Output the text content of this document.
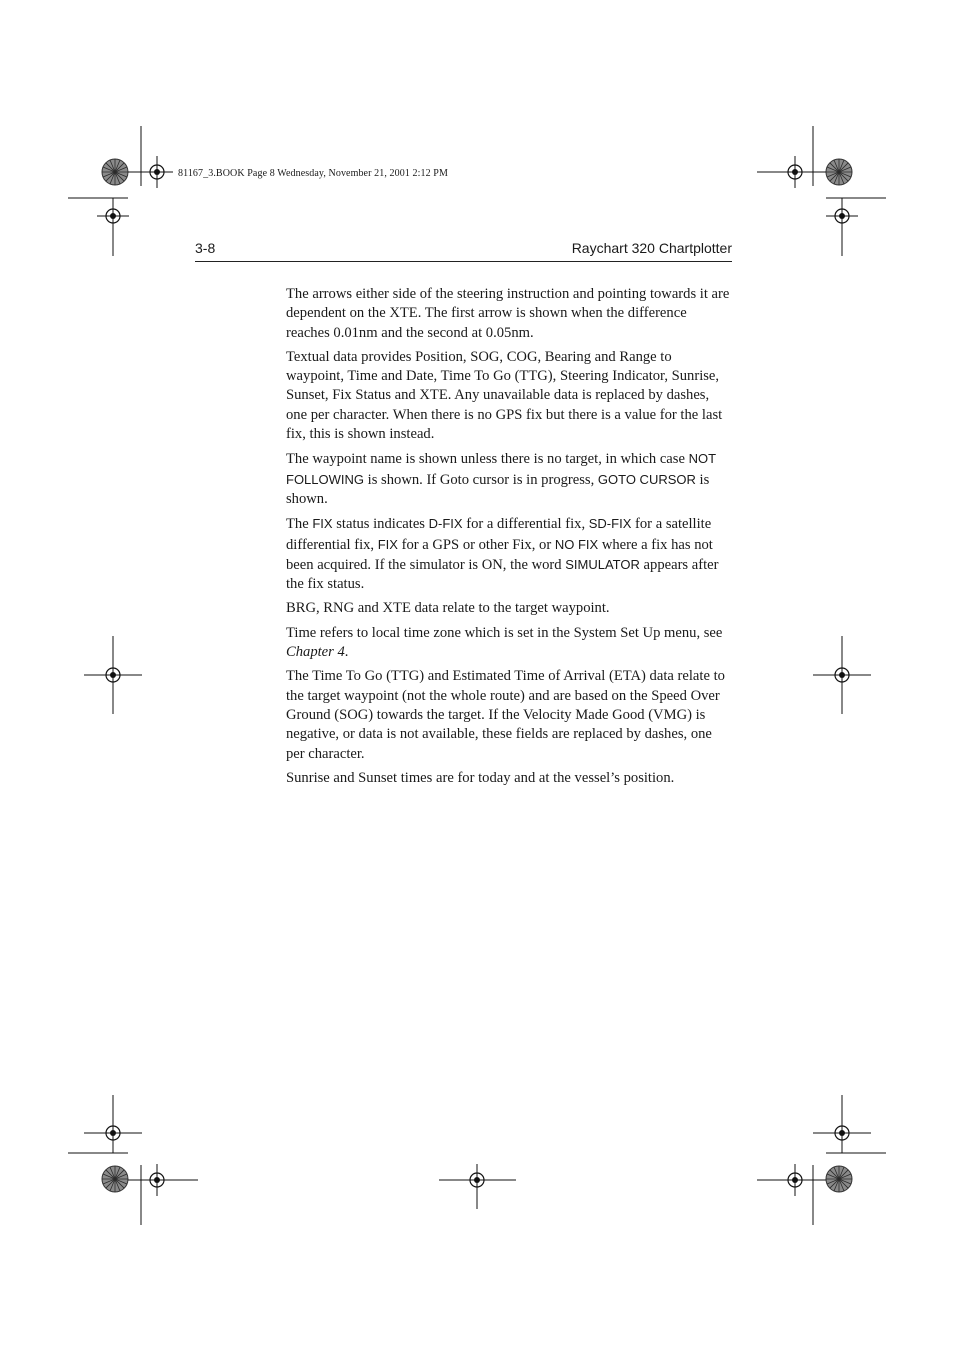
81167_3.BOOK Page 8 Wednesday, November 21, 2001 2:12 PM
3-8	Raychart 320 Chartplotter

The arrows either side of the steering instruction and pointing towards it are dependent on the XTE. The first arrow is shown when the difference reaches 0.01nm and the second at 0.05nm.

Textual data provides Position, SOG, COG, Bearing and Range to waypoint, Time and Date, Time To Go (TTG), Steering Indicator, Sunrise, Sunset, Fix Status and XTE. Any unavailable data is replaced by dashes, one per character. When there is no GPS fix but there is a value for the last fix, this is shown instead.

The waypoint name is shown unless there is no target, in which case NOT FOLLOWING is shown. If Goto cursor is in progress, GOTO CURSOR is shown.

The FIX status indicates D-FIX for a differential fix, SD-FIX for a satellite differential fix, FIX for a GPS or other Fix, or NO FIX where a fix has not been acquired. If the simulator is ON, the word SIMULATOR appears after the fix status.

BRG, RNG and XTE data relate to the target waypoint.

Time refers to local time zone which is set in the System Set Up menu, see Chapter 4.

The Time To Go (TTG) and Estimated Time of Arrival (ETA) data relate to the target waypoint (not the whole route) and are based on the Speed Over Ground (SOG) towards the target. If the Velocity Made Good (VMG) is negative, or data is not available, these fields are replaced by dashes, one per character.

Sunrise and Sunset times are for today and at the vessel’s position.
